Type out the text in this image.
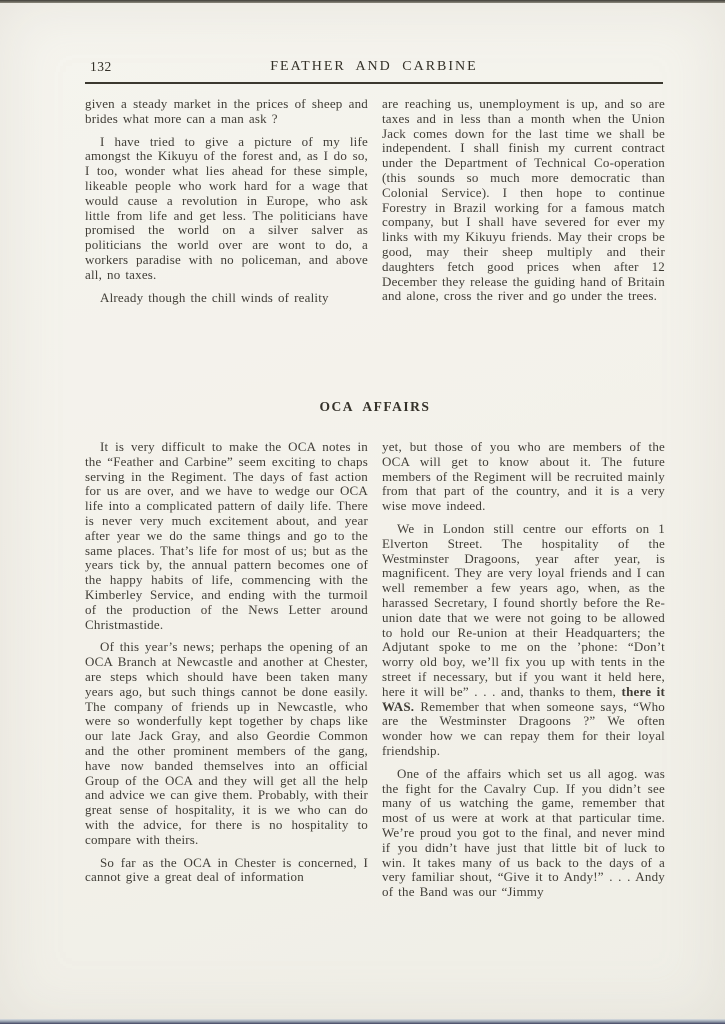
132	FEATHER AND CARBINE

given a steady market in the prices of sheep and brides what more can a man ask ?

I have tried to give a picture of my life amongst the Kikuyu of the forest and, as I do so, I too, wonder what lies ahead for these simple, likeable people who work hard for a wage that would cause a revolution in Europe, who ask little from life and get less. The politicians have promised the world on a silver salver as politicians the world over are wont to do, a workers paradise with no policeman, and above all, no taxes.

Already though the chill winds of reality

are reaching us, unemployment is up, and so are taxes and in less than a month when the Union Jack comes down for the last time we shall be independent. I shall finish my current contract under the Department of Technical Co-operation (this sounds so much more democratic than Colonial Service). I then hope to continue Forestry in Brazil working for a famous match company, but I shall have severed for ever my links with my Kikuyu friends. May their crops be good, may their sheep multiply and their daughters fetch good prices when after 12 December they release the guiding hand of Britain and alone, cross the river and go under the trees.

OCA AFFAIRS

It is very difficult to make the OCA notes in the “Feather and Carbine” seem exciting to chaps serving in the Regiment. The days of fast action for us are over, and we have to wedge our OCA life into a complicated pattern of daily life. There is never very much excitement about, and year after year we do the same things and go to the same places. That’s life for most of us; but as the years tick by, the annual pattern becomes one of the happy habits of life, commencing with the Kimberley Service, and ending with the turmoil of the production of the News Letter around Christmastide.

Of this year’s news; perhaps the opening of an OCA Branch at Newcastle and another at Chester, are steps which should have been taken many years ago, but such things cannot be done easily. The company of friends up in Newcastle, who were so wonderfully kept together by chaps like our late Jack Gray, and also Geordie Common and the other prominent members of the gang, have now banded themselves into an official Group of the OCA and they will get all the help and advice we can give them. Probably, with their great sense of hospitality, it is we who can do with the advice, for there is no hospitality to compare with theirs.

So far as the OCA in Chester is concerned, I cannot give a great deal of information

yet, but those of you who are members of the OCA will get to know about it. The future members of the Regiment will be recruited mainly from that part of the country, and it is a very wise move indeed.

We in London still centre our efforts on 1 Elverton Street. The hospitality of the Westminster Dragoons, year after year, is magnificent. They are very loyal friends and I can well remember a few years ago, when, as the harassed Secretary, I found shortly before the Re-union date that we were not going to be allowed to hold our Re-union at their Headquarters; the Adjutant spoke to me on the ’phone: “Don’t worry old boy, we’ll fix you up with tents in the street if necessary, but if you want it held here, here it will be” . . . and, thanks to them, there it WAS. Remember that when someone says, “Who are the Westminster Dragoons ?” We often wonder how we can repay them for their loyal friendship.

One of the affairs which set us all agog. was the fight for the Cavalry Cup. If you didn’t see many of us watching the game, remember that most of us were at work at that particular time. We’re proud you got to the final, and never mind if you didn’t have just that little bit of luck to win. It takes many of us back to the days of a very familiar shout, “Give it to Andy!” . . . Andy of the Band was our “Jimmy
